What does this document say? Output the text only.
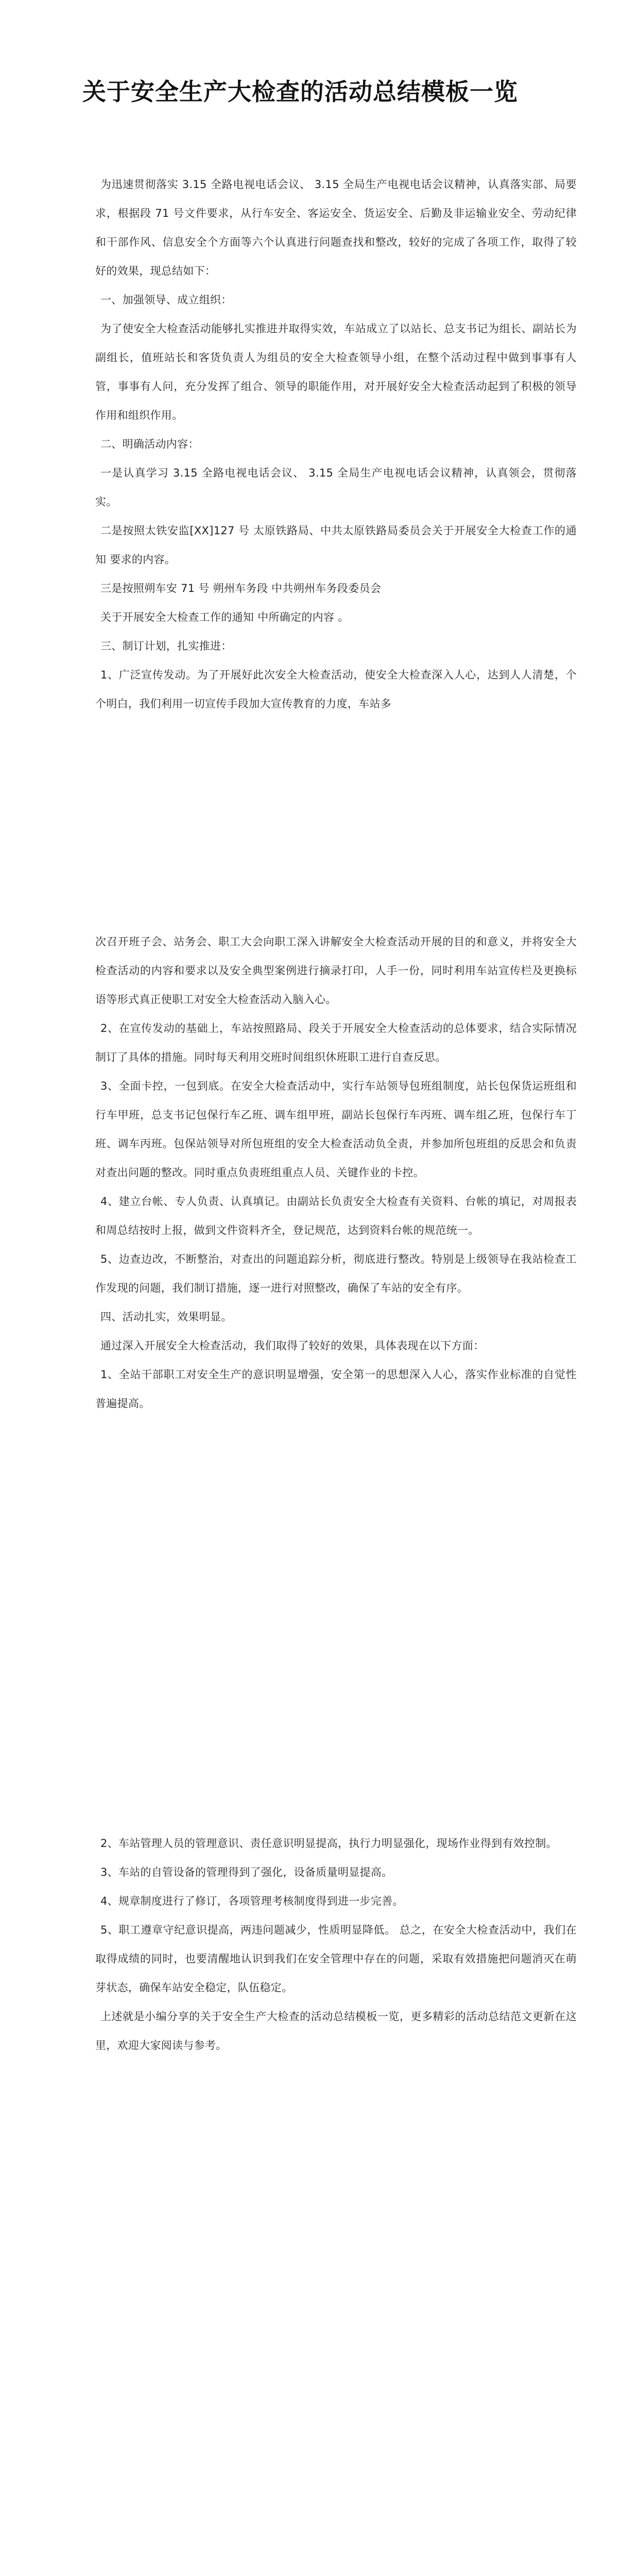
关于安全生产大检查的活动总结模板一览

为迅速贯彻落实 3.15 全路电视电话会议、 3.15 全局生产电视电话会议精神，认真落实部、局要求，根据段 71 号文件要求，从行车安全、客运安全、货运安全、后勤及非运输业安全、劳动纪律和干部作风、信息安全个方面等六个认真进行问题查找和整改，较好的完成了各项工作，取得了较好的效果，现总结如下：

一、加强领导、成立组织：

为了使安全大检查活动能够扎实推进并取得实效，车站成立了以站长、总支书记为组长、副站长为副组长，值班站长和客货负责人为组员的安全大检查领导小组，在整个活动过程中做到事事有人管，事事有人问，充分发挥了组合、领导的职能作用，对开展好安全大检查活动起到了积极的领导作用和组织作用。

二、明确活动内容：

一是认真学习 3.15 全路电视电话会议、 3.15 全局生产电视电话会议精神，认真领会，贯彻落实。

二是按照太铁安监[XX]127 号 太原铁路局、中共太原铁路局委员会关于开展安全大检查工作的通知 要求的内容。

三是按照朔车安 71 号 朔州车务段 中共朔州车务段委员会

关于开展安全大检查工作的通知 中所确定的内容 。

三、制订计划，扎实推进：

1、广泛宣传发动。为了开展好此次安全大检查活动，使安全大检查深入人心，达到人人清楚，个个明白，我们利用一切宣传手段加大宣传教育的力度，车站多

次召开班子会、站务会、职工大会向职工深入讲解安全大检查活动开展的目的和意义，并将安全大检查活动的内容和要求以及安全典型案例进行摘录打印，人手一份，同时利用车站宣传栏及更换标语等形式真正使职工对安全大检查活动入脑入心。

2、在宣传发动的基础上，车站按照路局、段关于开展安全大检查活动的总体要求，结合实际情况制订了具体的措施。同时每天利用交班时间组织休班职工进行自查反思。

3、全面卡控，一包到底。在安全大检查活动中，实行车站领导包班组制度，站长包保货运班组和行车甲班，总支书记包保行车乙班、调车组甲班，副站长包保行车丙班、调车组乙班，包保行车丁班、调车丙班。包保站领导对所包班组的安全大检查活动负全责，并参加所包班组的反思会和负责对查出问题的整改。同时重点负责班组重点人员、关键作业的卡控。

4、建立台帐、专人负责、认真填记。由副站长负责安全大检查有关资料、台帐的填记，对周报表和周总结按时上报，做到文件资料齐全，登记规范，达到资料台帐的规范统一。

5、边查边改，不断整治，对查出的问题追踪分析，彻底进行整改。特别是上级领导在我站检查工作发现的问题，我们制订措施，逐一进行对照整改，确保了车站的安全有序。

四、活动扎实，效果明显。

通过深入开展安全大检查活动，我们取得了较好的效果，具体表现在以下方面：

1、全站干部职工对安全生产的意识明显增强，安全第一的思想深入人心，落实作业标准的自觉性普遍提高。

2、车站管理人员的管理意识、责任意识明显提高，执行力明显强化，现场作业得到有效控制。

3、车站的自管设备的管理得到了强化，设备质量明显提高。

4、规章制度进行了修订，各项管理考核制度得到进一步完善。

5、职工遵章守纪意识提高，两违问题减少，性质明显降低。 总之，在安全大检查活动中，我们在取得成绩的同时，也要清醒地认识到我们在安全管理中存在的问题，采取有效措施把问题消灭在萌芽状态，确保车站安全稳定，队伍稳定。

上述就是小编分享的关于安全生产大检查的活动总结模板一览，更多精彩的活动总结范文更新在这里，欢迎大家阅读与参考。
